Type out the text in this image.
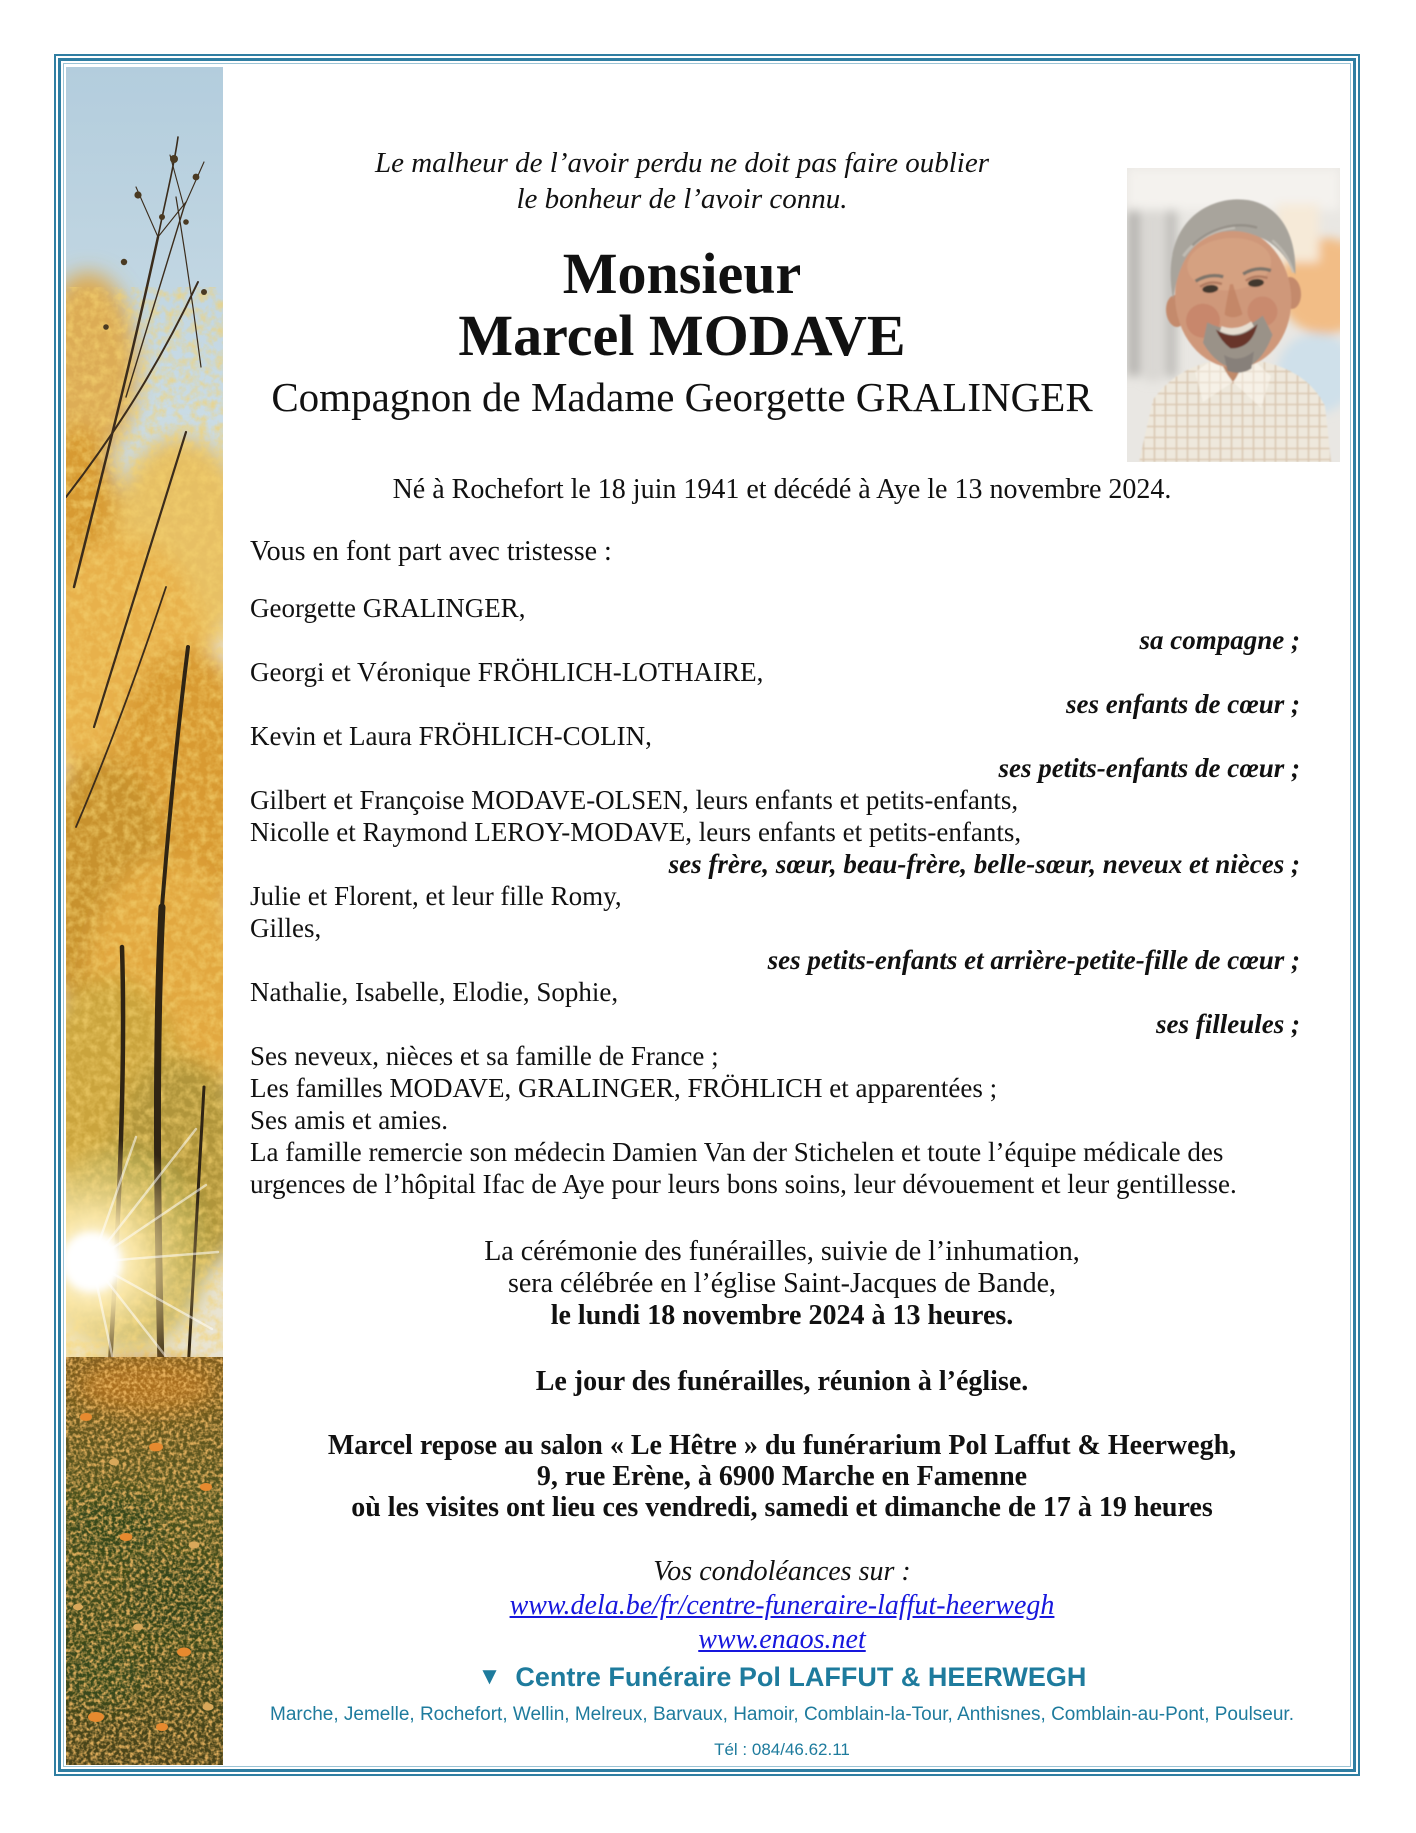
Le malheur de l’avoir perdu ne doit pas faire oublier
le bonheur de l’avoir connu.
Monsieur
Marcel MODAVE
Compagnon de Madame Georgette GRALINGER
Né à Rochefort le 18 juin 1941 et décédé à Aye le 13 novembre 2024.
Vous en font part avec tristesse :
Georgette GRALINGER,
sa compagne ;
Georgi et Véronique FRÖHLICH-LOTHAIRE,
ses enfants de cœur ;
Kevin et Laura FRÖHLICH-COLIN,
ses petits-enfants de cœur ;
Gilbert et Françoise MODAVE-OLSEN, leurs enfants et petits-enfants,
Nicolle et Raymond LEROY-MODAVE, leurs enfants et petits-enfants,
ses frère, sœur, beau-frère, belle-sœur, neveux et nièces ;
Julie et Florent, et leur fille Romy,
Gilles,
ses petits-enfants et arrière-petite-fille de cœur ;
Nathalie, Isabelle, Elodie, Sophie,
ses filleules ;
Ses neveux, nièces et sa famille de France ;
Les familles MODAVE, GRALINGER, FRÖHLICH et apparentées ;
Ses amis et amies.
La famille remercie son médecin Damien Van der Stichelen et toute l’équipe médicale des
urgences de l’hôpital Ifac de Aye pour leurs bons soins, leur dévouement et leur gentillesse.
La cérémonie des funérailles, suivie de l’inhumation,
sera célébrée en l’église Saint-Jacques de Bande,
le lundi 18 novembre 2024 à 13 heures.
Le jour des funérailles, réunion à l’église.
Marcel repose au salon « Le Hêtre » du funérarium Pol Laffut & Heerwegh,
9, rue Erène, à 6900 Marche en Famenne
où les visites ont lieu ces vendredi, samedi et dimanche de 17 à 19 heures
Vos condoléances sur :
www.dela.be/fr/centre-funeraire-laffut-heerwegh
www.enaos.net
▼ Centre Funéraire Pol LAFFUT & HEERWEGH
Marche, Jemelle, Rochefort, Wellin, Melreux, Barvaux, Hamoir, Comblain-la-Tour, Anthisnes, Comblain-au-Pont, Poulseur.
Tél : 084/46.62.11
